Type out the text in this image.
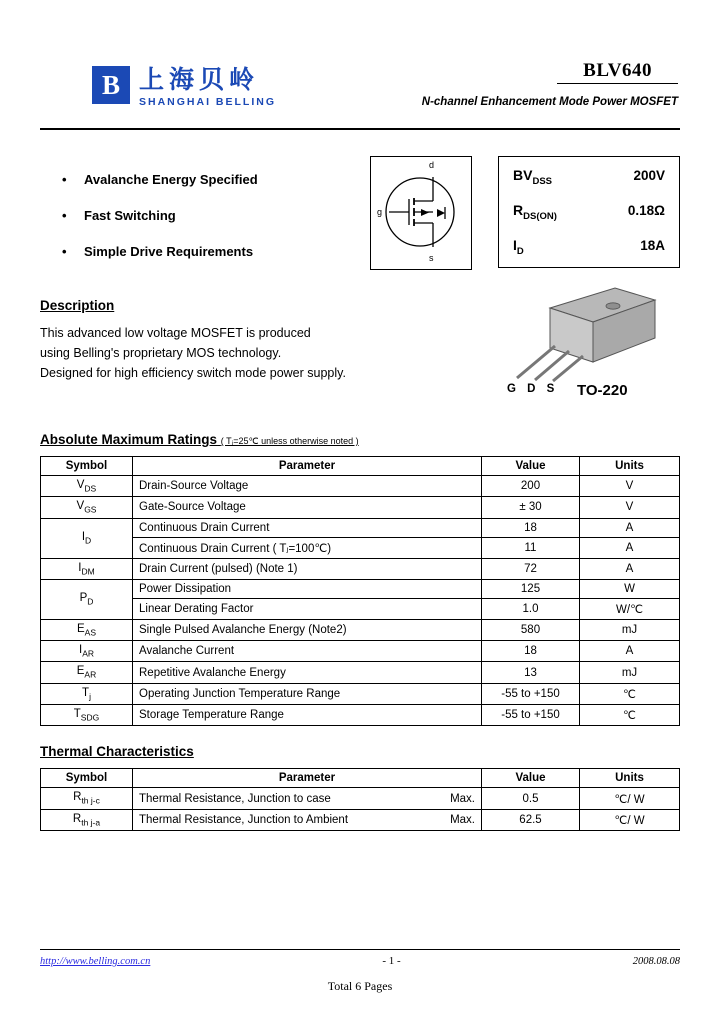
B 上海贝岭
SHANGHAI BELLING
BLV640
N-channel Enhancement Mode Power MOSFET
•	Avalanche Energy Specified
•	Fast Switching
•	Simple Drive Requirements
d
g
s
$BV_{DSS}$	200V
$R_{DS(ON)}$	0.18Ω
$I_D$	18A
Description
This advanced low voltage MOSFET is produced
using Belling's proprietary MOS technology.
Designed for high efficiency switch mode power supply.
G D S TO-220
Absolute Maximum Ratings ( Tⱼ=25℃ unless otherwise noted )
Symbol	Parameter	Value	Units
$V_{DS}$	Drain-Source Voltage	200	V
$V_{GS}$	Gate-Source Voltage	± 30	V
$I_D$	Continuous Drain Current	18	A
	Continuous Drain Current ( Tⱼ=100℃)	11	A
$I_{DM}$	Drain Current (pulsed) (Note 1)	72	A
$P_D$	Power Dissipation	125	W
	Linear Derating Factor	1.0	W/℃
$E_{AS}$	Single Pulsed Avalanche Energy (Note2)	580	mJ
$I_{AR}$	Avalanche Current	18	A
$E_{AR}$	Repetitive Avalanche Energy	13	mJ
$T_j$	Operating Junction Temperature Range	-55 to +150	℃
$T_{SDG}$	Storage Temperature Range	-55 to +150	℃
Thermal Characteristics
Symbol	Parameter	Value	Units
$R_{th j-c}$	Thermal Resistance, Junction to case Max.	0.5	℃/ W
$R_{th j-a}$	Thermal Resistance, Junction to Ambient Max.	62.5	℃/ W
http://www.belling.com.cn	- 1 -	2008.08.08
Total 6 Pages
